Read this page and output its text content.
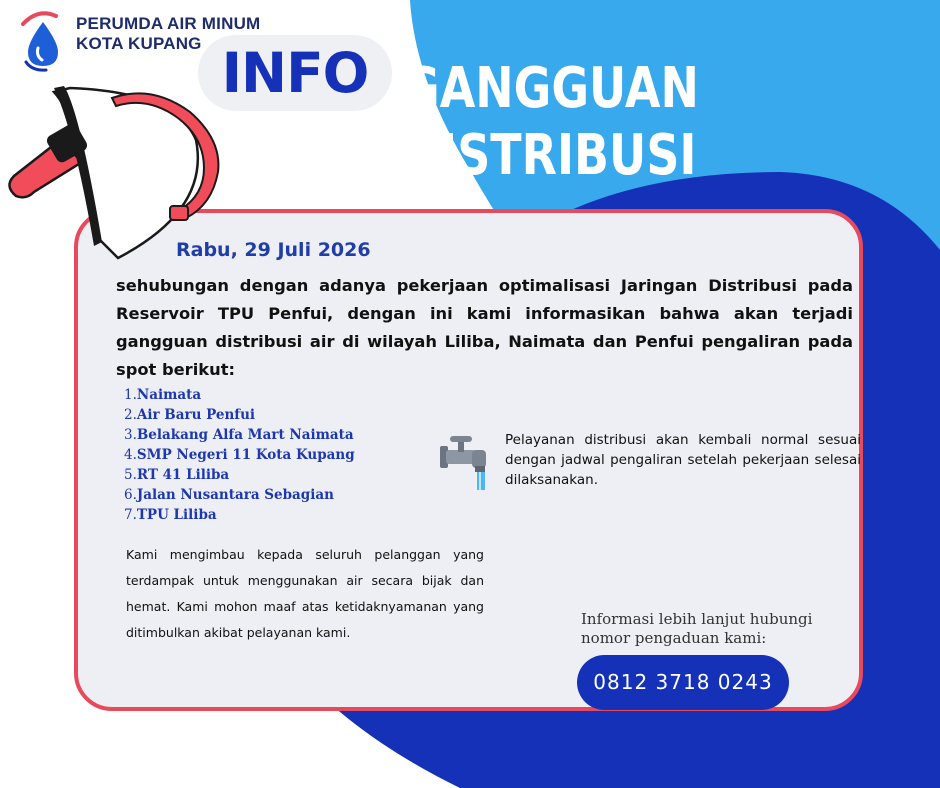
PERUMDA AIR MINUM
KOTA KUPANG INFO GANGGUAN
DISTRIBUSI
Rabu, 29 Juli 2026
sehubungan dengan adanya pekerjaan optimalisasi Jaringan Distribusi pada Reservoir TPU Penfui, dengan ini kami informasikan bahwa akan terjadi gangguan distribusi air di wilayah Liliba, Naimata dan Penfui pengaliran pada spot berikut:
1.Naimata
2.Air Baru Penfui
3.Belakang Alfa Mart Naimata
4.SMP Negeri 11 Kota Kupang
5.RT 41 Liliba
6.Jalan Nusantara Sebagian
7.TPU Liliba
Pelayanan distribusi akan kembali normal sesuai dengan jadwal pengaliran setelah pekerjaan selesai dilaksanakan.
Kami mengimbau kepada seluruh pelanggan yang terdampak untuk menggunakan air secara bijak dan hemat. Kami mohon maaf atas ketidaknyamanan yang ditimbulkan akibat pelayanan kami.
Informasi lebih lanjut hubungi nomor pengaduan kami:
0812 3718 0243
